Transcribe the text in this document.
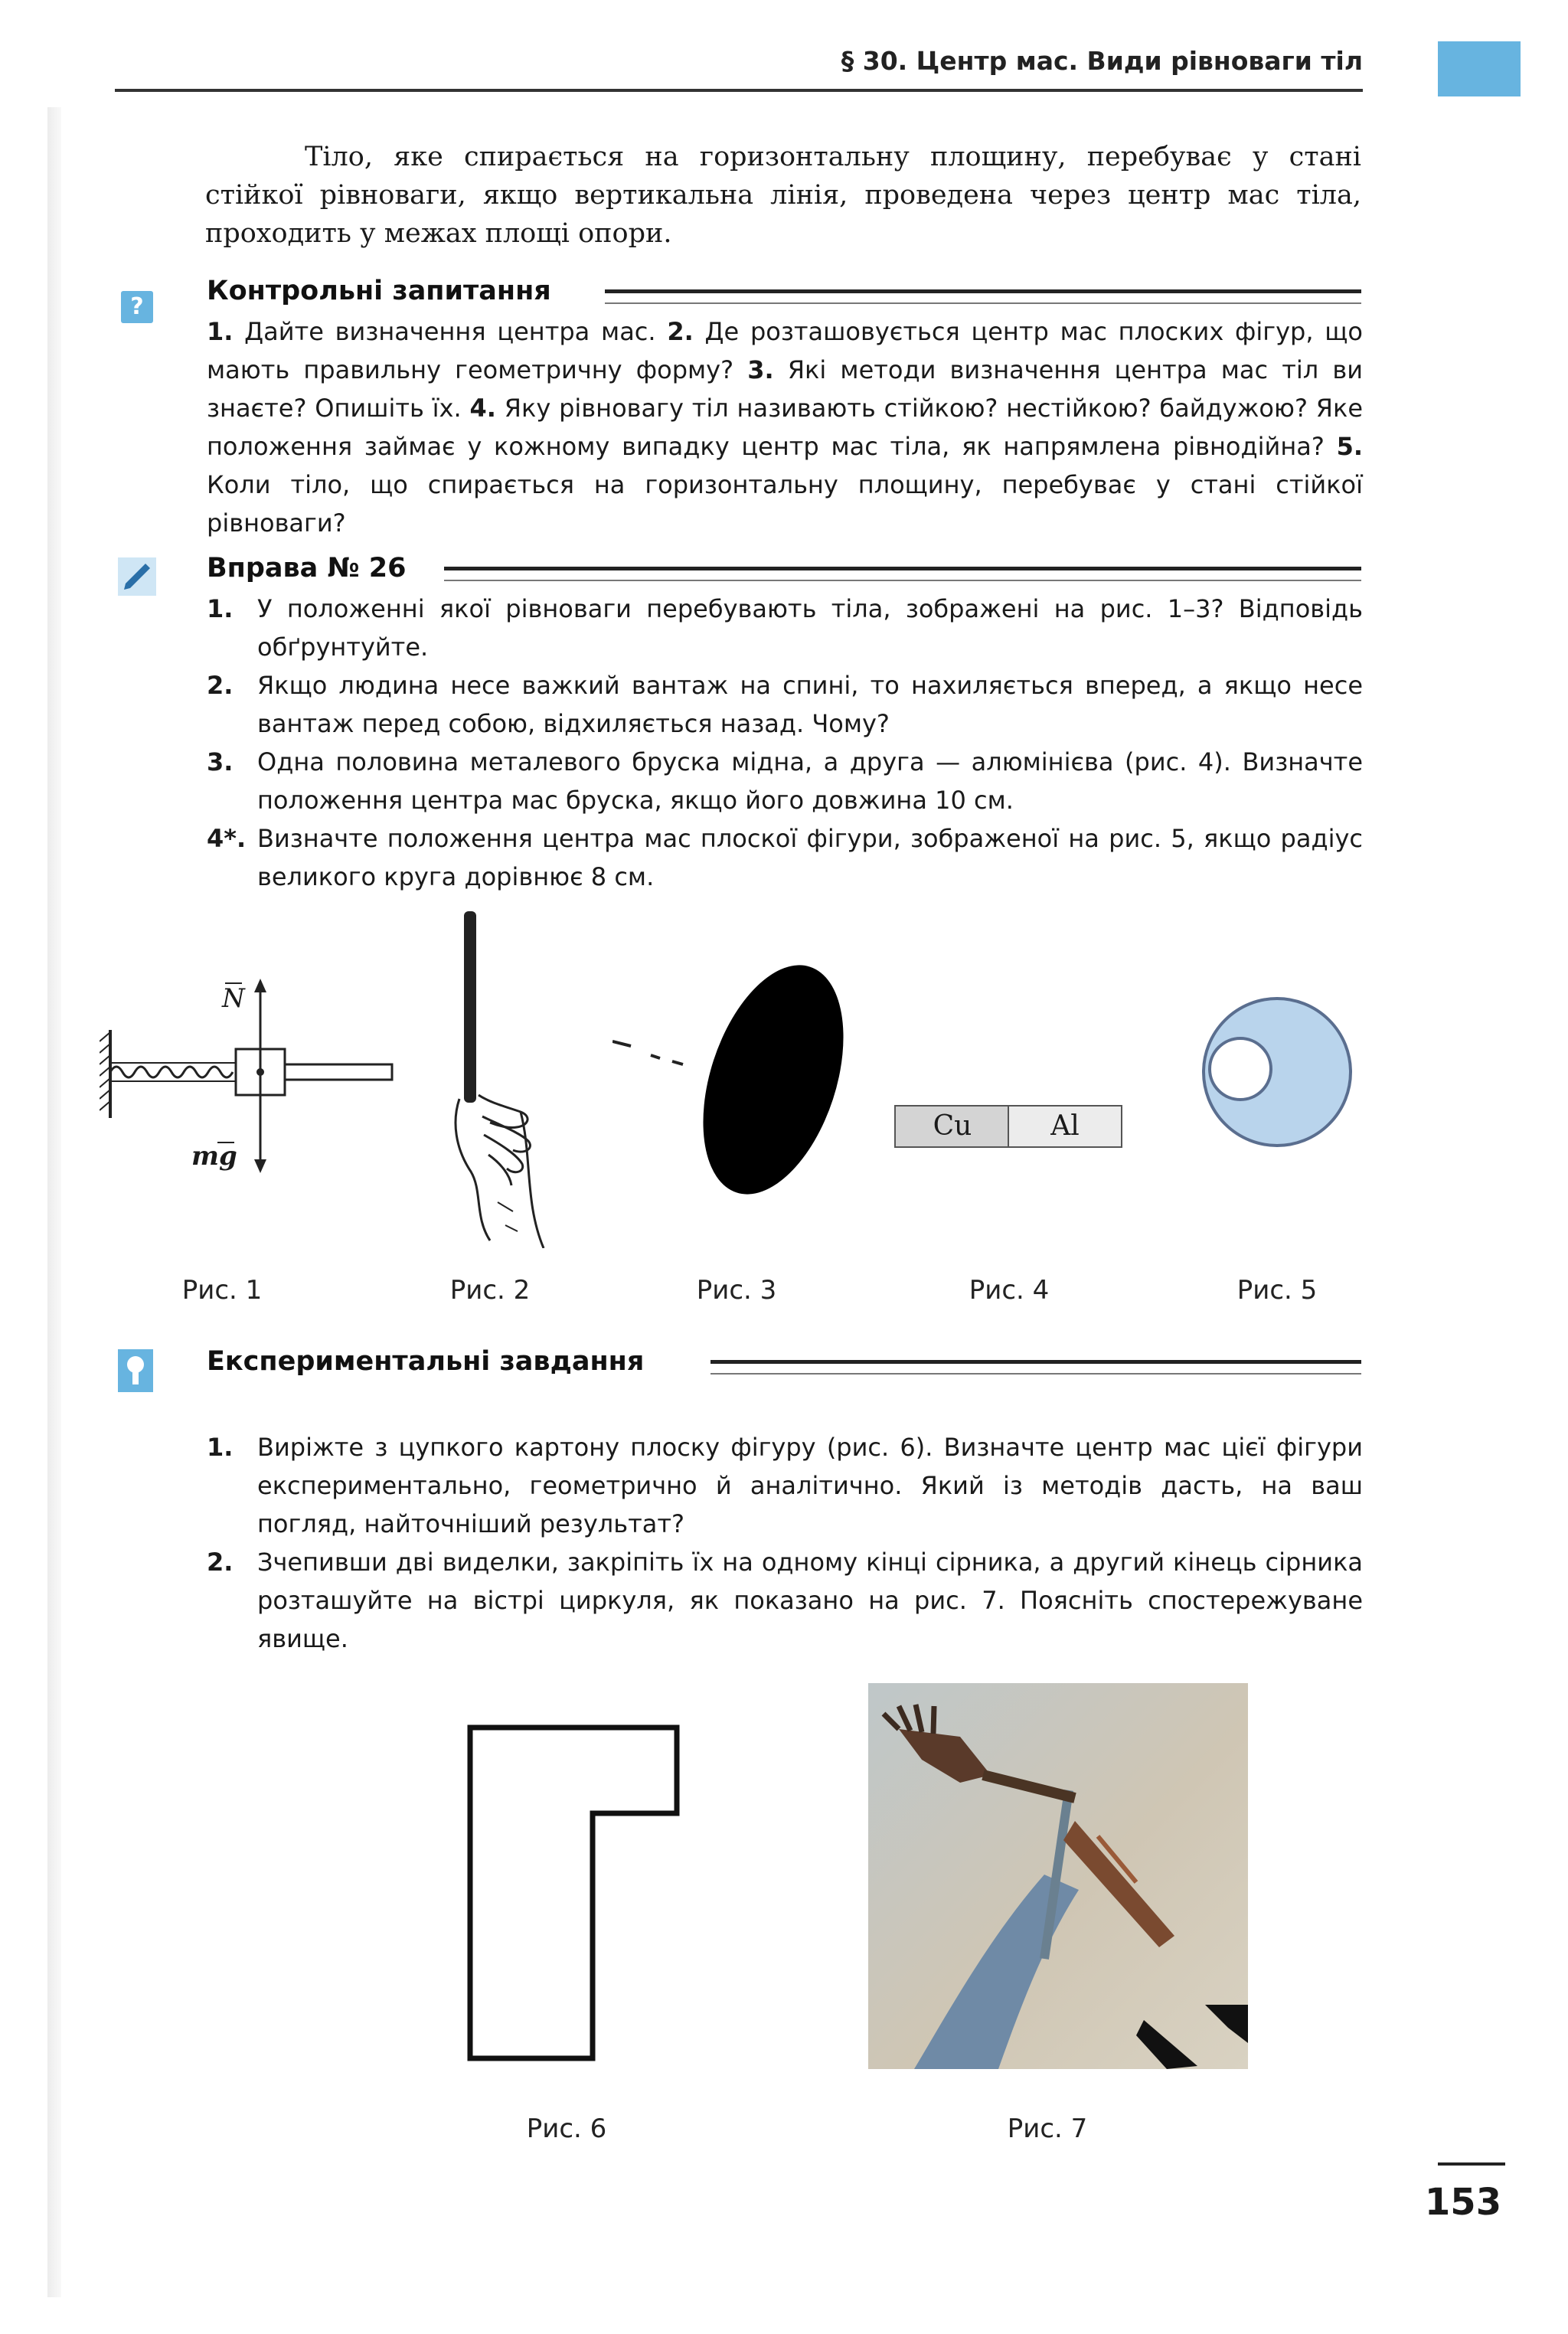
§ 30. Центр мас. Види рівноваги тіл

Тіло, яке спирається на горизонтальну площину, перебуває у стані стійкої рівноваги, якщо вертикальна лінія, проведена через центр мас тіла, проходить у межах площі опори.

?
Контрольні запитання
1. Дайте визначення центра мас. 2. Де розташовується центр мас плоских фігур, що мають правильну геометричну форму? 3. Які методи визначення центра мас тіл ви знаєте? Опишіть їх. 4. Яку рівновагу тіл називають стійкою? нестійкою? байдужою? Яке положення займає у кожному випадку центр мас тіла, як напрямлена рівнодійна? 5. Коли тіло, що спирається на горизонтальну площину, перебуває у стані стійкої рівноваги?
Вправа № 26
1. У положенні якої рівноваги перебувають тіла, зображені на рис. 1–3? Відповідь обґрунтуйте.
2. Якщо людина несе важкий вантаж на спині, то нахиляється вперед, а якщо несе вантаж перед собою, відхиляється назад. Чому?
3. Одна половина металевого бруска мідна, а друга — алюмінієва (рис. 4). Визначте положення центра мас бруска, якщо його довжина 10 см.
4*. Визначте положення центра мас плоскої фігури, зображеної на рис. 5, якщо радіус великого круга дорівнює 8 см.
N
mg
Cu	Al
Рис. 1	Рис. 2	Рис. 3	Рис. 4	Рис. 5
Експериментальні завдання
1. Виріжте з цупкого картону плоску фігуру (рис. 6). Визначте центр мас цієї фігури експериментально, геометрично й аналітично. Який із методів дасть, на ваш погляд, найточніший результат?
2. Зчепивши дві виделки, закріпіть їх на одному кінці сірника, а другий кінець сірника розташуйте на вістрі циркуля, як показано на рис. 7. Поясніть спостережуване явище.
Рис. 6	Рис. 7
153
